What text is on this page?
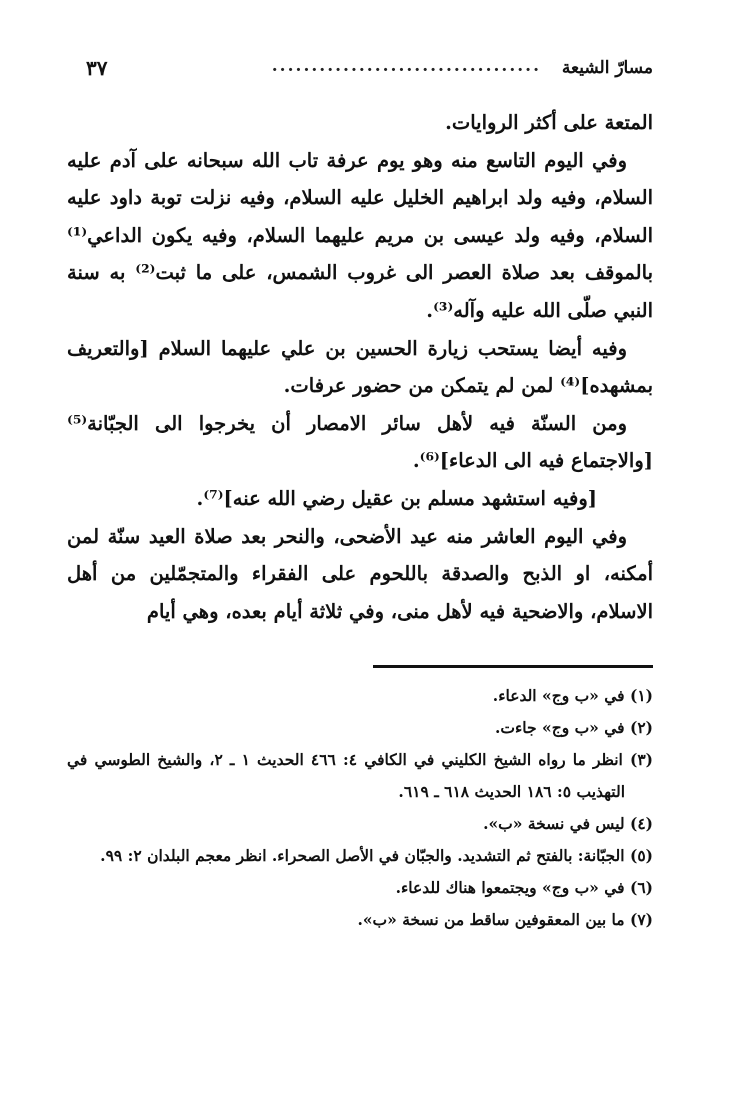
مسارّ الشيعة
..................................
٣٧

المتعة على أكثر الروايات.

وفي اليوم التاسع منه وهو يوم عرفة تاب الله سبحانه على آدم عليه السلام، وفيه ولد ابراهيم الخليل عليه السلام، وفيه نزلت توبة داود عليه السلام، وفيه ولد عيسى بن مريم عليهما السلام، وفيه يكون الداعي⁽¹⁾ بالموقف بعد صلاة العصر الى غروب الشمس، على ما ثبت⁽²⁾ به سنة النبي صلّى الله عليه وآله⁽³⁾.

وفيه أيضا يستحب زيارة الحسين بن علي عليهما السلام [والتعريف بمشهده]⁽⁴⁾ لمن لم يتمكن من حضور عرفات.

ومن السنّة فيه لأهل سائر الامصار أن يخرجوا الى الجبّانة⁽⁵⁾ [والاجتماع فيه الى الدعاء]⁽⁶⁾.

[وفيه استشهد مسلم بن عقيل رضي الله عنه]⁽⁷⁾.

وفي اليوم العاشر منه عيد الأضحى، والنحر بعد صلاة العيد سنّة لمن أمكنه، او الذبح والصدقة باللحوم على الفقراء والمتجمّلين من أهل الاسلام، والاضحية فيه لأهل منى، وفي ثلاثة أيام بعده، وهي أيام

(١) في «ب وج» الدعاء.

(٢) في «ب وج» جاءت.

(٣) انظر ما رواه الشيخ الكليني في الكافي ٤: ٤٦٦ الحديث ١ ـ ٢، والشيخ الطوسي في التهذيب ٥: ١٨٦ الحديث ٦١٨ ـ ٦١٩.

(٤) ليس في نسخة «ب».

(٥) الجبّانة: بالفتح ثم التشديد. والجبّان في الأصل الصحراء. انظر معجم البلدان ٢: ٩٩.

(٦) في «ب وج» ويجتمعوا هناك للدعاء.

(٧) ما بين المعقوفين ساقط من نسخة «ب».
